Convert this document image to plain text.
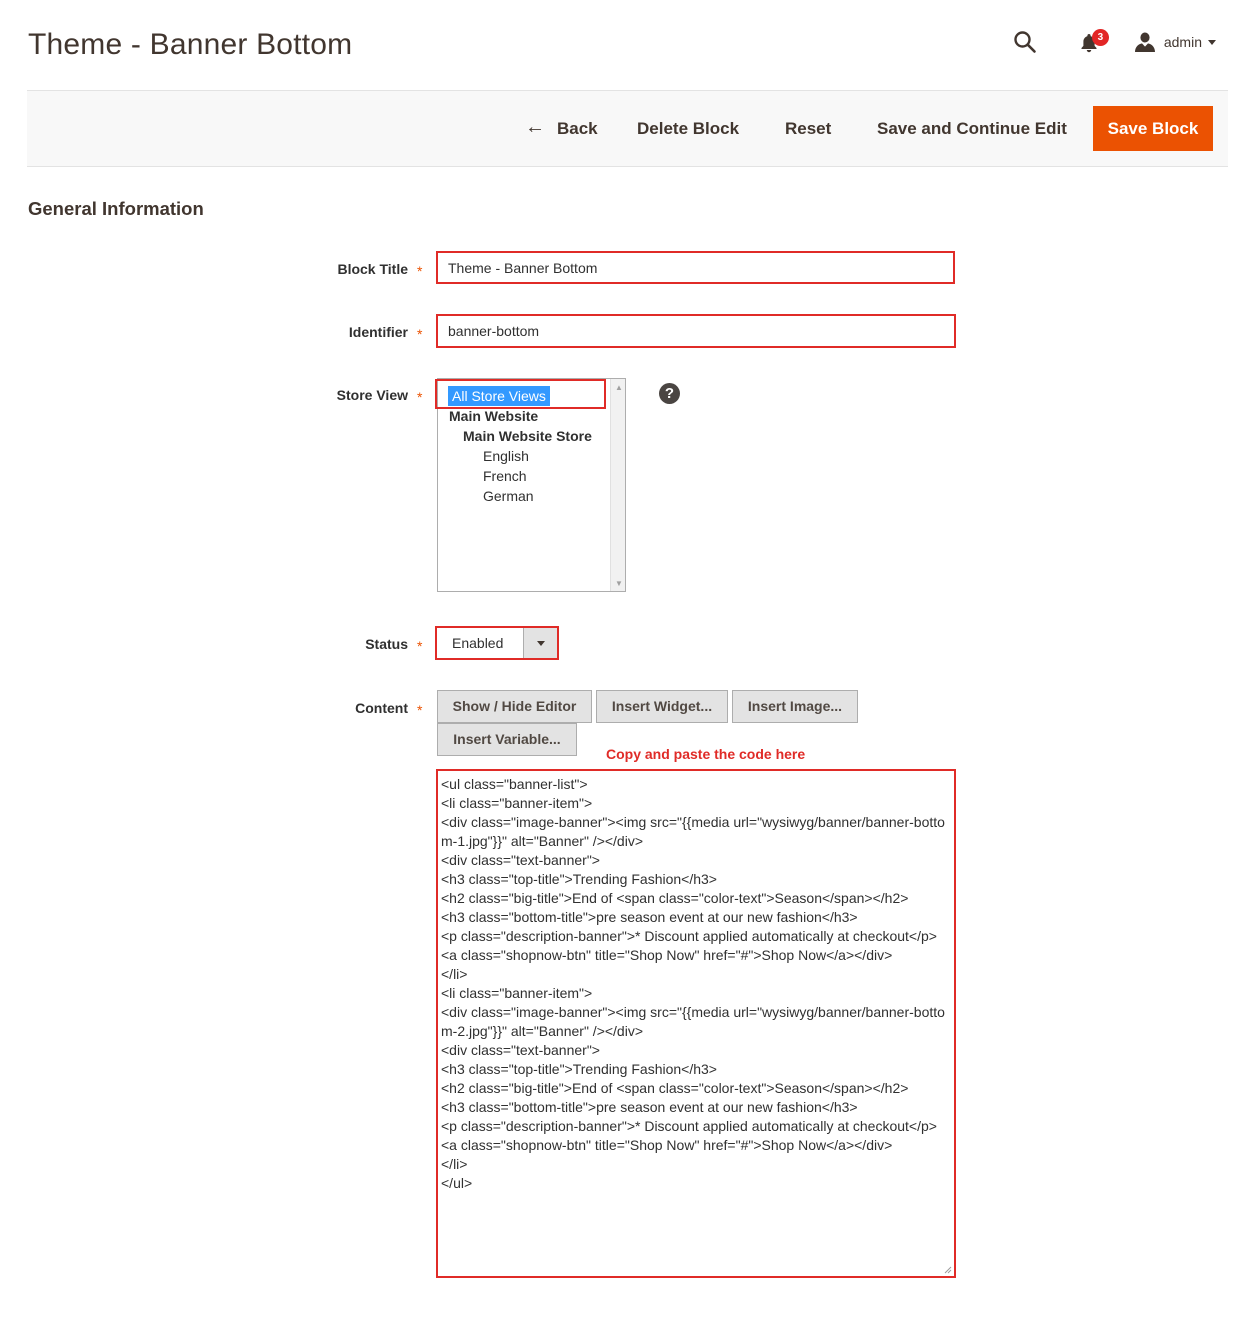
Theme - Banner Bottom	3	admin
← Back	Delete Block	Reset	Save and Continue Edit	Save Block
General Information
Block Title *	Theme - Banner Bottom
Identifier *	banner-bottom
Store View * All Store Views
Main Website
Main Website Store
English
French
German
▲
▼
?
Status *	Enabled
Content *	Show / Hide Editor	Insert Widget...	Insert Image...
Insert Variable...
Copy and paste the code here
<ul class="banner-list">
<li class="banner-item">
<div class="image-banner"><img src="{{media url="wysiwyg/banner/banner-bottom-1.jpg"}}" alt="Banner" /></div>
<div class="text-banner">
<h3 class="top-title">Trending Fashion</h3>
<h2 class="big-title">End of <span class="color-text">Season</span></h2>
<h3 class="bottom-title">pre season event at our new fashion</h3>
<p class="description-banner">* Discount applied automatically at checkout</p>
<a class="shopnow-btn" title="Shop Now" href="#">Shop Now</a></div>
</li>
<li class="banner-item">
<div class="image-banner"><img src="{{media url="wysiwyg/banner/banner-bottom-2.jpg"}}" alt="Banner" /></div>
<div class="text-banner">
<h3 class="top-title">Trending Fashion</h3>
<h2 class="big-title">End of <span class="color-text">Season</span></h2>
<h3 class="bottom-title">pre season event at our new fashion</h3>
<p class="description-banner">* Discount applied automatically at checkout</p>
<a class="shopnow-btn" title="Shop Now" href="#">Shop Now</a></div>
</li>
</ul>
